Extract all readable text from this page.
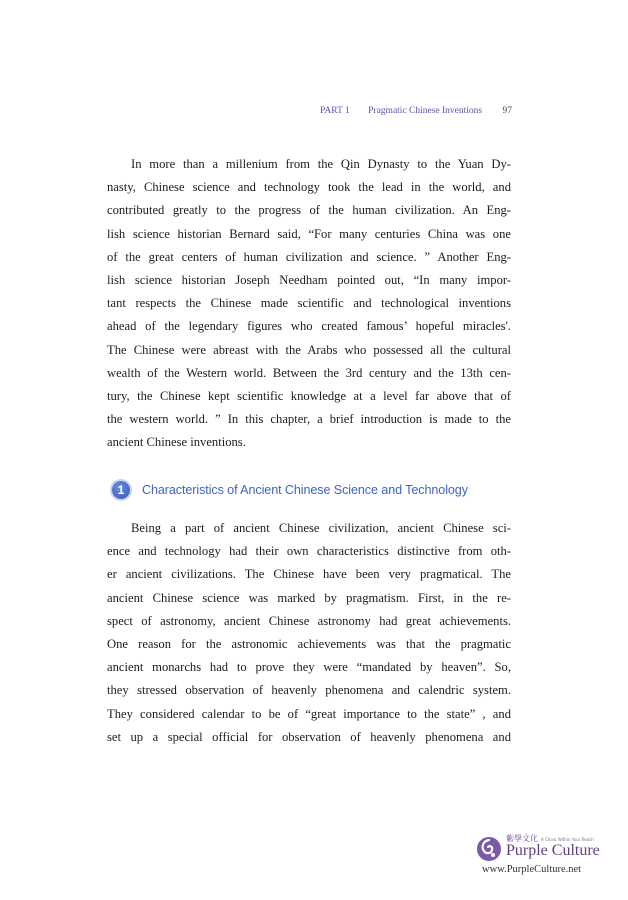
PART 1 Pragmatic Chinese Inventions 97
In more than a millenium from the Qin Dynasty to the Yuan Dy-
nasty, Chinese science and technology took the lead in the world, and
contributed greatly to the progress of the human civilization. An Eng-
lish science historian Bernard said, “For many centuries China was one
of the great centers of human civilization and science. ” Another Eng-
lish science historian Joseph Needham pointed out, “In many impor-
tant respects the Chinese made scientific and technological inventions
ahead of the legendary figures who created famous’ hopeful miracles'.
The Chinese were abreast with the Arabs who possessed all the cultural
wealth of the Western world. Between the 3rd century and the 13th cen-
tury, the Chinese kept scientific knowledge at a level far above that of
the western world. ” In this chapter, a brief introduction is made to the
ancient Chinese inventions.
1	Characteristics of Ancient Chinese Science and Technology
Being a part of ancient Chinese civilization, ancient Chinese sci-
ence and technology had their own characteristics distinctive from oth-
er ancient civilizations. The Chinese have been very pragmatical. The
ancient Chinese science was marked by pragmatism. First, in the re-
spect of astronomy, ancient Chinese astronomy had great achievements.
One reason for the astronomic achievements was that the pragmatic
ancient monarchs had to prove they were “mandated by heaven”. So,
they stressed observation of heavenly phenomena and calendric system.
They considered calendar to be of “great importance to the state” , and
set up a special official for observation of heavenly phenomena and
紫學文化 A China Within Your Reach
Purple Culture
www.PurpleCulture.net
